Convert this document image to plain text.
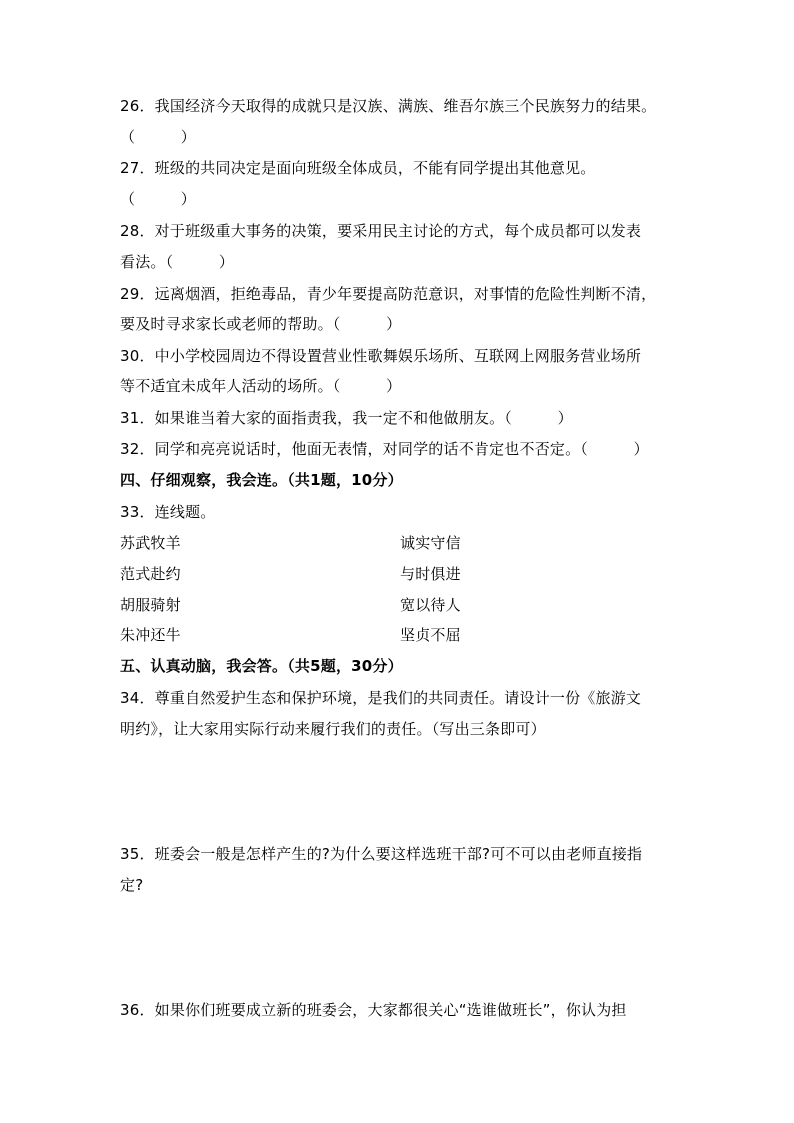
26．我国经济今天取得的成就只是汉族、满族、维吾尔族三个民族努力的结果。
（　　　）
27．班级的共同决定是面向班级全体成员，不能有同学提出其他意见。
（　　　）
28．对于班级重大事务的决策，要采用民主讨论的方式，每个成员都可以发表
看法。（　　　）
29．远离烟酒，拒绝毒品，青少年要提高防范意识，对事情的危险性判断不清，
要及时寻求家长或老师的帮助。（　　　）
30．中小学校园周边不得设置营业性歌舞娱乐场所、互联网上网服务营业场所
等不适宜未成年人活动的场所。（　　　）
31．如果谁当着大家的面指责我，我一定不和他做朋友。（　　　）
32．同学和亮亮说话时，他面无表情，对同学的话不肯定也不否定。（　　　）
四、仔细观察，我会连。（共1题，10分）
33．连线题。
苏武牧羊	诚实守信
范式赴约	与时俱进
胡服骑射	宽以待人
朱冲还牛	坚贞不屈
五、认真动脑，我会答。（共5题，30分）
34．尊重自然爱护生态和保护环境，是我们的共同责任。请设计一份《旅游文
明约》，让大家用实际行动来履行我们的责任。（写出三条即可）
35．班委会一般是怎样产生的?为什么要这样选班干部?可不可以由老师直接指
定?
36．如果你们班要成立新的班委会，大家都很关心“选谁做班长”，你认为担
